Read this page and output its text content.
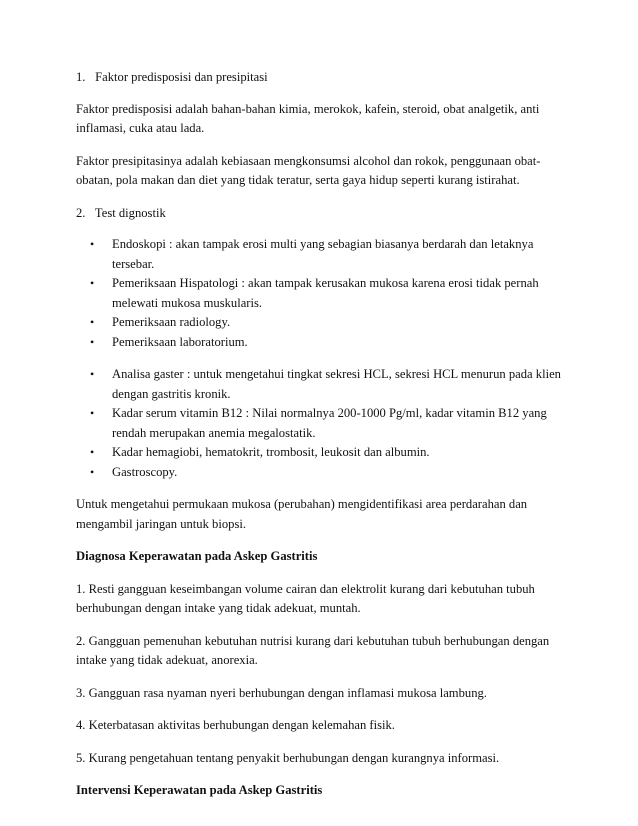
1. Faktor predisposisi dan presipitasi

Faktor predisposisi adalah bahan-bahan kimia, merokok, kafein, steroid, obat analgetik, anti inflamasi, cuka atau lada.

Faktor presipitasinya adalah kebiasaan mengkonsumsi alcohol dan rokok, penggunaan obat-obatan, pola makan dan diet yang tidak teratur, serta gaya hidup seperti kurang istirahat.

2. Test dignostik

• Endoskopi : akan tampak erosi multi yang sebagian biasanya berdarah dan letaknya tersebar.
• Pemeriksaan Hispatologi : akan tampak kerusakan mukosa karena erosi tidak pernah melewati mukosa muskularis.
• Pemeriksaan radiology.
• Pemeriksaan laboratorium.
• Analisa gaster : untuk mengetahui tingkat sekresi HCL, sekresi HCL menurun pada klien dengan gastritis kronik.
• Kadar serum vitamin B12 : Nilai normalnya 200-1000 Pg/ml, kadar vitamin B12 yang rendah merupakan anemia megalostatik.
• Kadar hemagiobi, hematokrit, trombosit, leukosit dan albumin.
• Gastroscopy.

Untuk mengetahui permukaan mukosa (perubahan) mengidentifikasi area perdarahan dan mengambil jaringan untuk biopsi.

Diagnosa Keperawatan pada Askep Gastritis

1. Resti gangguan keseimbangan volume cairan dan elektrolit kurang dari kebutuhan tubuh berhubungan dengan intake yang tidak adekuat, muntah.

2. Gangguan pemenuhan kebutuhan nutrisi kurang dari kebutuhan tubuh berhubungan dengan intake yang tidak adekuat, anorexia.

3. Gangguan rasa nyaman nyeri berhubungan dengan inflamasi mukosa lambung.

4. Keterbatasan aktivitas berhubungan dengan kelemahan fisik.

5. Kurang pengetahuan tentang penyakit berhubungan dengan kurangnya informasi.

Intervensi Keperawatan pada Askep Gastritis
